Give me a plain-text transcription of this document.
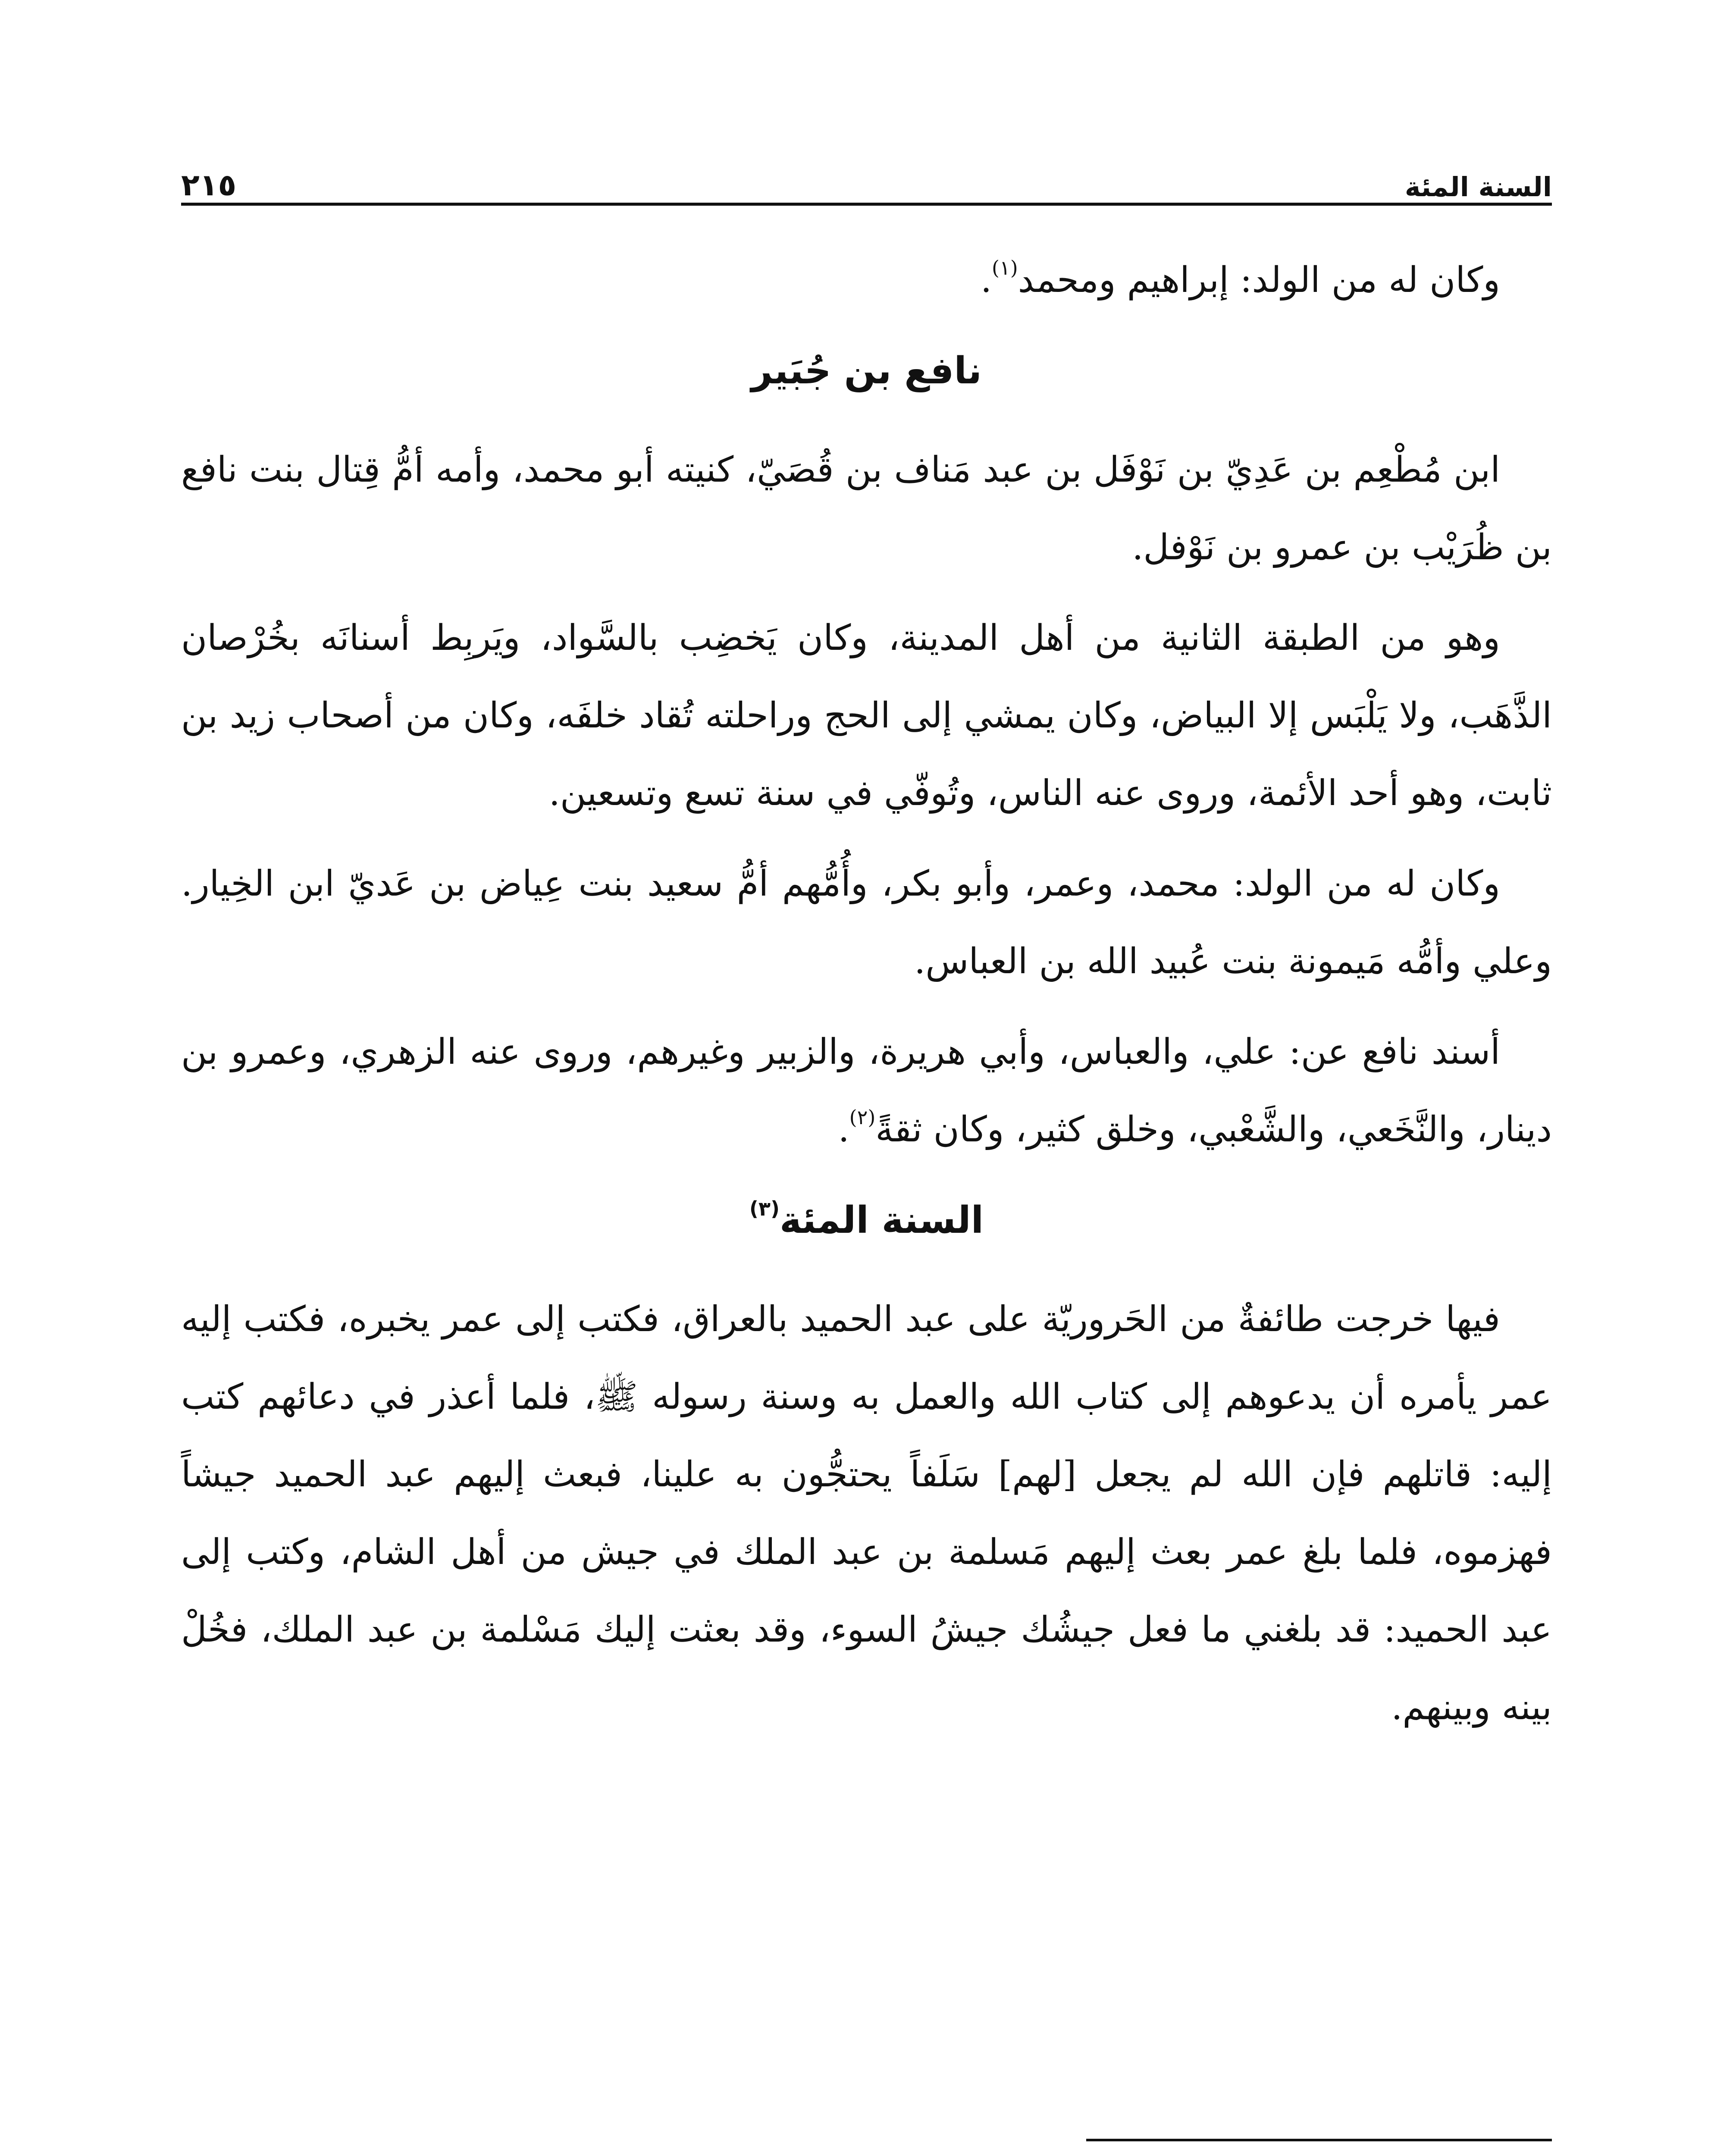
السنة المئة
٢١٥

وكان له من الولد: إبراهيم ومحمد$^{(١)}$.

نافع بن جُبَير

ابن مُطْعِم بن عَدِيّ بن نَوْفَل بن عبد مَناف بن قُصَيّ، كنيته أبو محمد، وأمه أمُّ قِتال بنت نافع بن ظُرَيْب بن عمرو بن نَوْفل.

وهو من الطبقة الثانية من أهل المدينة، وكان يَخضِب بالسَّواد، ويَربِط أسنانَه بخُرْصان الذَّهَب، ولا يَلْبَس إلا البياض، وكان يمشي إلى الحج وراحلته تُقاد خلفَه، وكان من أصحاب زيد بن ثابت، وهو أحد الأئمة، وروى عنه الناس، وتُوفّي في سنة تسع وتسعين.

وكان له من الولد: محمد، وعمر، وأبو بكر، وأُمُّهم أمُّ سعيد بنت عِياض بن عَديّ ابن الخِيار. وعلي وأمُّه مَيمونة بنت عُبيد الله بن العباس.

أسند نافع عن: علي، والعباس، وأبي هريرة، والزبير وغيرهم، وروى عنه الزهري، وعمرو بن دينار، والنَّخَعي، والشَّعْبي، وخلق كثير، وكان ثقةً$^{(٢)}$.

السنة المئة$^{(٣)}$

فيها خرجت طائفةٌ من الحَروريّة على عبد الحميد بالعراق، فكتب إلى عمر يخبره، فكتب إليه عمر يأمره أن يدعوهم إلى كتاب الله والعمل به وسنة رسوله ﷺ، فلما أعذر في دعائهم كتب إليه: قاتلهم فإن الله لم يجعل [لهم] سَلَفاً يحتجُّون به علينا، فبعث إليهم عبد الحميد جيشاً فهزموه، فلما بلغ عمر بعث إليهم مَسلمة بن عبد الملك في جيش من أهل الشام، وكتب إلى عبد الحميد: قد بلغني ما فعل جيشُك جيشُ السوء، وقد بعثت إليك مَسْلمة بن عبد الملك، فخُلْ بينه وبينهم.
